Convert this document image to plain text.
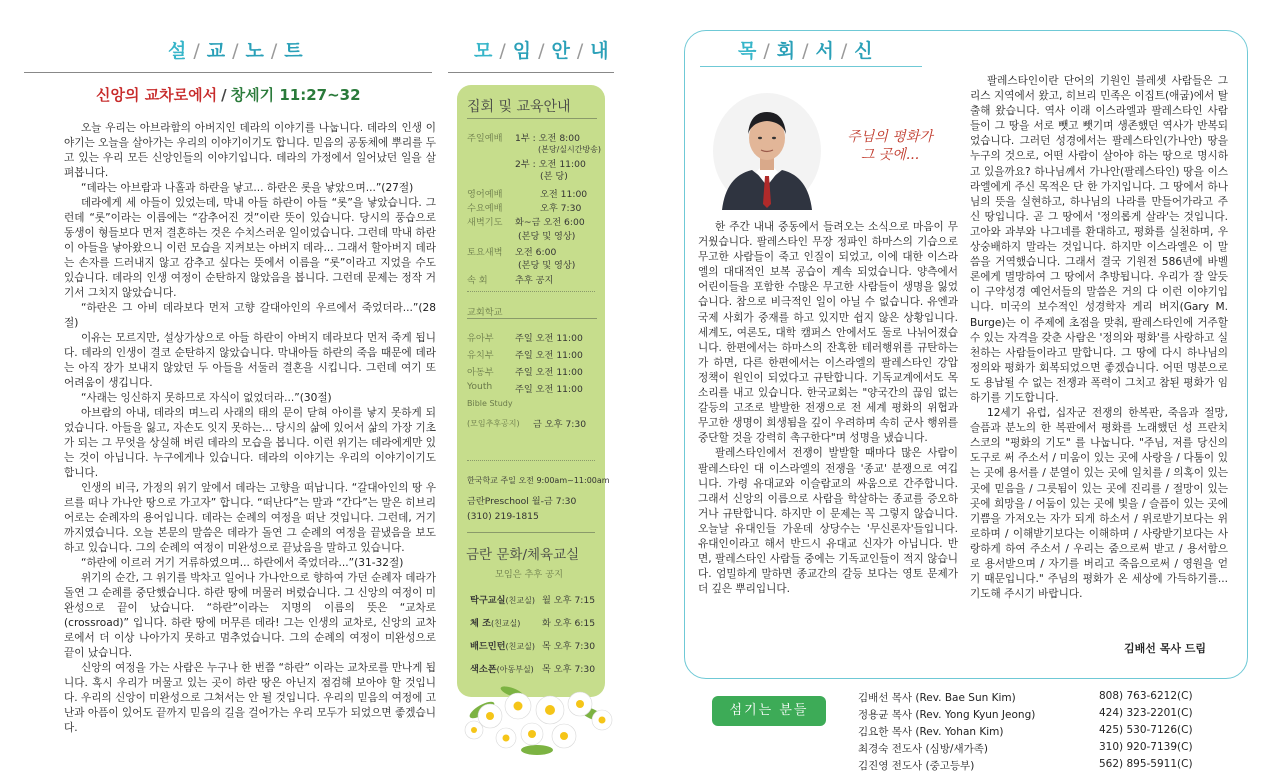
설 / 교 / 노 / 트
신앙의 교차로에서 / 창세기 11:27~32

오늘 우리는 아브라함의 아버지인 데라의 이야기를 나눕니다. 데라의 인생 이야기는 오늘을 살아가는 우리의 이야기이기도 합니다. 믿음의 공동체에 뿌리를 두고 있는 우리 모든 신앙인들의 이야기입니다. 데라의 가정에서 일어났던 일을 살펴봅니다.

“데라는 아브람과 나홀과 하란을 낳고... 하란은 롯을 낳았으며...”(27절)

데라에게 세 아들이 있었는데, 막내 아들 하란이 아들 “롯”을 낳았습니다. 그런데 “롯”이라는 이름에는 “감추어진 것”이란 뜻이 있습니다. 당시의 풍습으로 동생이 형들보다 먼저 결혼하는 것은 수치스러운 일이었습니다. 그런데 막내 하란이 아들을 낳아왔으니 이런 모습을 지켜보는 아버지 데라... 그래서 할아버지 데라는 손자를 드러내지 않고 감추고 싶다는 뜻에서 이름을 “롯”이라고 지었을 수도 있습니다. 데라의 인생 여정이 순탄하지 않았음을 봅니다. 그런데 문제는 정작 거기서 그치지 않았습니다.

“하란은 그 아비 데라보다 먼저 고향 갈대아인의 우르에서 죽었더라...”(28절)

이유는 모르지만, 설상가상으로 아들 하란이 아버지 데라보다 먼저 죽게 됩니다. 데라의 인생이 결코 순탄하지 않았습니다. 막내아들 하란의 죽음 때문에 데라는 아직 장가 보내지 않았던 두 아들을 서둘러 결혼을 시킵니다. 그런데 여기 또 어려움이 생깁니다.

“사래는 잉신하지 못하므로 자식이 없었더라...”(30절)

아브람의 아내, 데라의 며느리 사래의 태의 문이 닫혀 아이를 낳지 못하게 되었습니다. 아들을 잃고, 자손도 잇지 못하는... 당시의 삶에 있어서 삶의 가장 기초가 되는 그 무엇을 상실해 버린 데라의 모습을 봅니다. 이런 위기는 데라에게만 있는 것이 아닙니다. 누구에게나 있습니다. 데라의 이야기는 우리의 이야기이기도 합니다.

인생의 비극, 가정의 위기 앞에서 데라는 고향을 떠납니다. “갈대아인의 땅 우르를 떠나 가나안 땅으로 가고자” 합니다. “떠난다”는 말과 “간다”는 말은 히브리어로는 순례자의 용어입니다. 데라는 순례의 여정을 떠난 것입니다. 그런데, 거기까지였습니다. 오늘 본문의 말씀은 데라가 돌연 그 순례의 여정을 끝냈음을 보도하고 있습니다. 그의 순례의 여정이 미완성으로 끝났음을 말하고 있습니다.

“하란에 이르러 거기 거류하였으며... 하란에서 죽었더라...”(31-32절)

위기의 순간, 그 위기를 박차고 일어나 가나안으로 향하여 가던 순례자 데라가 돌연 그 순례를 중단했습니다. 하란 땅에 머물러 버렸습니다. 그 신앙의 여정이 미완성으로 끝이 났습니다. “하란”이라는 지명의 이름의 뜻은 “교차로(crossroad)” 입니다. 하란 땅에 머무른 데라! 그는 인생의 교차로, 신앙의 교차로에서 더 이상 나아가지 못하고 멈추었습니다. 그의 순례의 여정이 미완성으로 끝이 났습니다.

신앙의 여정을 가는 사람은 누구나 한 번쯤 “하란” 이라는 교차로를 만나게 됩니다. 혹시 우리가 머물고 있는 곳이 하란 땅은 아닌지 점검해 보아야 할 것입니다. 우리의 신앙이 미완성으로 그쳐서는 안 될 것입니다. 우리의 믿음의 여정에 고난과 아픔이 있어도 끝까지 믿음의 길을 걸어가는 우리 모두가 되었으면 좋겠습니다.

모 / 임 / 안 / 내
집회 및 교육안내
주일예배 1부 : 오전 8:00
(본당/실시간방송)
2부 : 오전 11:00
(본 당)
영어예배	오전 11:00
수요예배	오후 7:30
새벽기도 화~금 오전 6:00
(본당 및 영상)
토요새벽 오전 6:00
(본당 및 영상)
속 회	추후 공지
교회학교
유아부 주일 오전 11:00
유치부 주일 오전 11:00
아동부 주일 오전 11:00
Youth 주일 오전 11:00
Bible Study
(모임추후공지) 금 오후 7:30
한국학교 주일 오전 9:00am~11:00am
금란Preschool 월-금 7:30
(310) 219-1815
금란 문화/체육교실
모임은 추후 공지
탁구교실(친교실) 월 오후 7:15
체 조(친교실) 화 오후 6:15
배드민턴(친교실) 목 오후 7:30
색소폰(아동부실) 목 오후 7:30
목 / 회 / 서 / 신
주님의 평화가
그 곳에...

한 주간 내내 중동에서 들려오는 소식으로 마음이 무거웠습니다. 팔레스타인 무장 정파인 하마스의 기습으로 무고한 사람들이 죽고 인질이 되었고, 이에 대한 이스라엘의 대대적인 보복 공습이 계속 되었습니다. 양측에서 어린이들을 포함한 수많은 무고한 사람들이 생명을 잃었습니다. 참으로 비극적인 일이 아닐 수 없습니다. 유엔과 국제 사회가 중재를 하고 있지만 쉽지 않은 상황입니다. 세계도, 여론도, 대학 캠퍼스 안에서도 둘로 나뉘어졌습니다. 한편에서는 하마스의 잔혹한 테러행위를 규탄하는가 하면, 다른 한편에서는 이스라엘의 팔레스타인 강압 정책이 원인이 되었다고 규탄합니다. 기독교계에서도 목소리를 내고 있습니다. 한국교회는 "양국간의 끊임 없는 갈등의 고조로 발발한 전쟁으로 전 세계 평화의 위협과 무고한 생명이 희생됨을 깊이 우려하며 속히 군사 행위를 중단할 것을 강력히 촉구한다"며 성명을 냈습니다.

팔레스타인에서 전쟁이 발발할 때마다 많은 사람이 팔레스타인 대 이스라엘의 전쟁을 '종교' 분쟁으로 여깁니다. 가령 유대교와 이슬람교의 싸움으로 간주합니다. 그래서 신앙의 이름으로 사람을 학살하는 종교를 증오하거나 규탄합니다. 하지만 이 문제는 꼭 그렇지 않습니다. 오늘날 유대인들 가운데 상당수는 '무신론자'들입니다. 유대인이라고 해서 반드시 유대교 신자가 아닙니다. 반면, 팔레스타인 사람들 중에는 기독교인들이 적지 않습니다. 엄밀하게 말하면 종교간의 갈등 보다는 영토 문제가 더 깊은 뿌리입니다.

팔레스타인이란 단어의 기원인 블레셋 사람들은 그리스 지역에서 왔고, 히브리 민족은 이집트(애굽)에서 탈출해 왔습니다. 역사 이래 이스라엘과 팔레스타인 사람들이 그 땅을 서로 뺏고 뺏기며 생존했던 역사가 반복되었습니다. 그러던 성경에서는 팔레스타인(가나안) 땅을 누구의 것으로, 어떤 사람이 살아야 하는 땅으로 명시하고 있을까요? 하나님께서 가나안(팔레스타인) 땅을 이스라엘에게 주신 목적은 단 한 가지입니다. 그 땅에서 하나님의 뜻을 실현하고, 하나님의 나라를 만들어가라고 주신 땅입니다. 곧 그 땅에서 '정의롭게 살라'는 것입니다. 고아와 과부와 나그네를 환대하고, 평화를 실천하며, 우상숭배하지 말라는 것입니다. 하지만 이스라엘은 이 말씀을 거역했습니다. 그래서 결국 기원전 586년에 바벨론에게 멸망하여 그 땅에서 추방됩니다. 우리가 잘 알듯이 구약성경 예언서들의 말씀은 거의 다 이런 이야기입니다. 미국의 보수적인 성경학자 게리 버지(Gary M. Burge)는 이 주제에 초점을 맞춰, 팔레스타인에 거주할 수 있는 자격을 갖춘 사람은 '정의와 평화'를 사랑하고 실천하는 사람들이라고 말합니다. 그 땅에 다시 하나님의 정의와 평화가 회복되었으면 좋겠습니다. 어떤 명분으로도 용납될 수 없는 전쟁과 폭력이 그치고 참된 평화가 임하기를 기도합니다.

12세기 유럽, 십자군 전쟁의 한복판, 죽음과 절망, 슬픔과 분노의 한 복판에서 평화를 노래했던 성 프란치스코의 "평화의 기도" 를 나눕니다. "주님, 저를 당신의 도구로 써 주소서 / 미움이 있는 곳에 사랑을 / 다툼이 있는 곳에 용서를 / 분열이 있는 곳에 일치를 / 의혹이 있는 곳에 믿음을 / 그릇됨이 있는 곳에 진리를 / 절망이 있는 곳에 희망을 / 어둠이 있는 곳에 빛을 / 슬픔이 있는 곳에 기쁨을 가져오는 자가 되게 하소서 / 위로받기보다는 위로하며 / 이해받기보다는 이해하며 / 사랑받기보다는 사랑하게 하여 주소서 / 우리는 줌으로써 받고 / 용서함으로 용서받으며 / 자기를 버리고 죽음으로써 / 영원을 얻기 때문입니다." 주님의 평화가 온 세상에 가득하기를... 기도해 주시기 바랍니다.

김배선 목사 드림
섬기는 분들
김배선 목사 (Rev. Bae Sun Kim)	808) 763-6212(C)
정용균 목사 (Rev. Yong Kyun Jeong)	424) 323-2201(C)
김요한 목사 (Rev. Yohan Kim)	425) 530-7126(C)
최경숙 전도사 (심방/새가족)	310) 920-7139(C)
김진영 전도사 (중고등부)	562) 895-5911(C)
